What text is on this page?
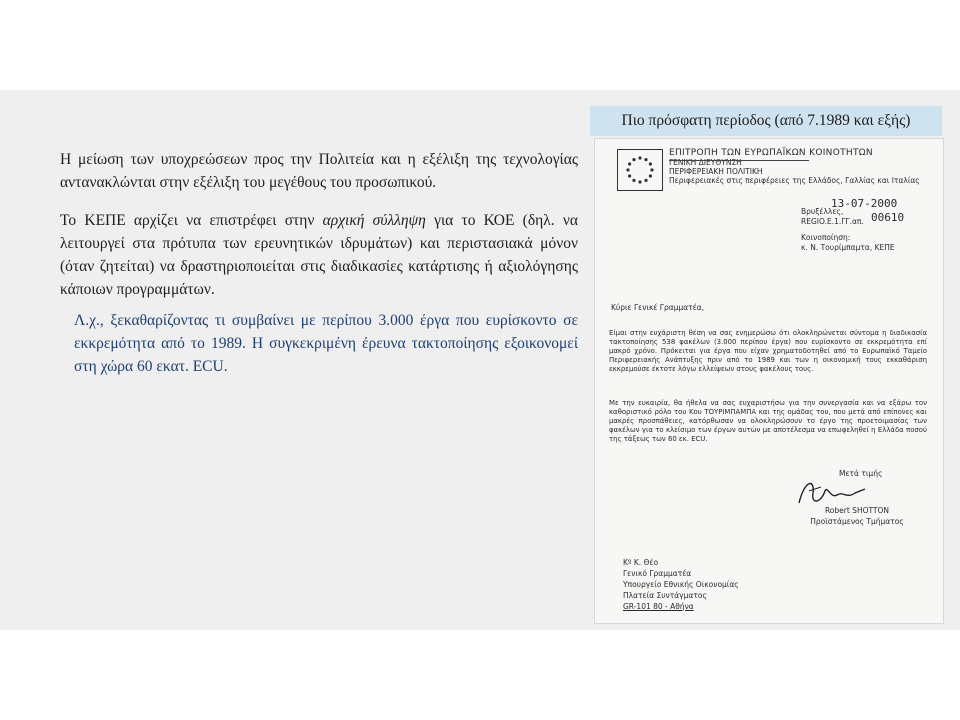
Η μείωση των υποχρεώσεων προς την Πολιτεία και η εξέλιξη της τεχνολογίας αντανακλώνται στην εξέλιξη του μεγέθους του προσωπικού.

Το ΚΕΠΕ αρχίζει να επιστρέφει στην αρχική σύλληψη για το ΚΟΕ (δηλ. να λειτουργεί στα πρότυπα των ερευνητικών ιδρυμάτων) και περιστασιακά μόνον (όταν ζητείται) να δραστηριοποιείται στις διαδικασίες κατάρτισης ή αξιολόγησης κάποιων προγραμμάτων.

Λ.χ., ξεκαθαρίζοντας τι συμβαίνει με περίπου 3.000 έργα που ευρίσκοντο σε εκκρεμότητα από το 1989. Η συγκεκριμένη έρευνα τακτοποίησης εξοικονομεί στη χώρα 60 εκατ. ECU.

Πιο πρόσφατη περίοδος (από 7.1989 και εξής)
ΕΠΙΤΡΟΠΗ ΤΩΝ ΕΥΡΩΠΑΪΚΩΝ ΚΟΙΝΟΤΗΤΩΝ
ΓΕΝΙΚΗ ΔΙΕΥΘΥΝΣΗ
ΠΕΡΙΦΕΡΕΙΑΚΗ ΠΟΛΙΤΙΚΗ
Περιφερειακές στις περιφέρειες της Ελλάδος, Γαλλίας και Ιταλίας
13-07-2000
Βρυξέλλες,
REGIO.E.1.ΓΓ.απ. 00610
Κοινοποίηση:
κ. Ν. Τουρίμπαμτα, ΚΕΠΕ
Κύριε Γενικέ Γραμματέα,
Είμαι στην ευχάριστη θέση να σας ενημερώσω ότι ολοκληρώνεται σύντομα η διαδικασία τακτοποίησης 538 φακέλων (3.000 περίπου έργα) που ευρίσκοντο σε εκκρεμότητα επί μακρό χρόνο. Πρόκειται για έργα που είχαν χρηματοδοτηθεί από το Ευρωπαϊκό Ταμείο Περιφερειακής Ανάπτυξης πριν από το 1989 και των η οικονομική τους εκκαθάριση εκκρεμούσε έκτοτε λόγω ελλείψεων στους φακέλους τους.
Με την ευκαιρία, θα ήθελα να σας ευχαριστήσω για την συνεργασία και να εξάρω τον καθοριστικό ρόλο του Κου ΤΟΥΡΙΜΠΑΜΠΑ και της ομάδας του, που μετά από επίπονες και μακρές προσπάθειες, κατόρθωσαν να ολοκληρώσουν το έργο της προετοιμασίας των φακέλων για το κλείσιμο των έργων αυτών με αποτέλεσμα να επωφεληθεί η Ελλάδα ποσού της τάξεως των 60 εκ. ECU.
Μετά τιμής
Robert SHOTTON
Προϊστάμενος Τμήματος
Κº Κ. Θέο
Γενικό Γραμματέα
Υπουργείο Εθνικής Οικονομίας
Πλατεία Συντάγματος
GR-101 80 - Αθήνα
